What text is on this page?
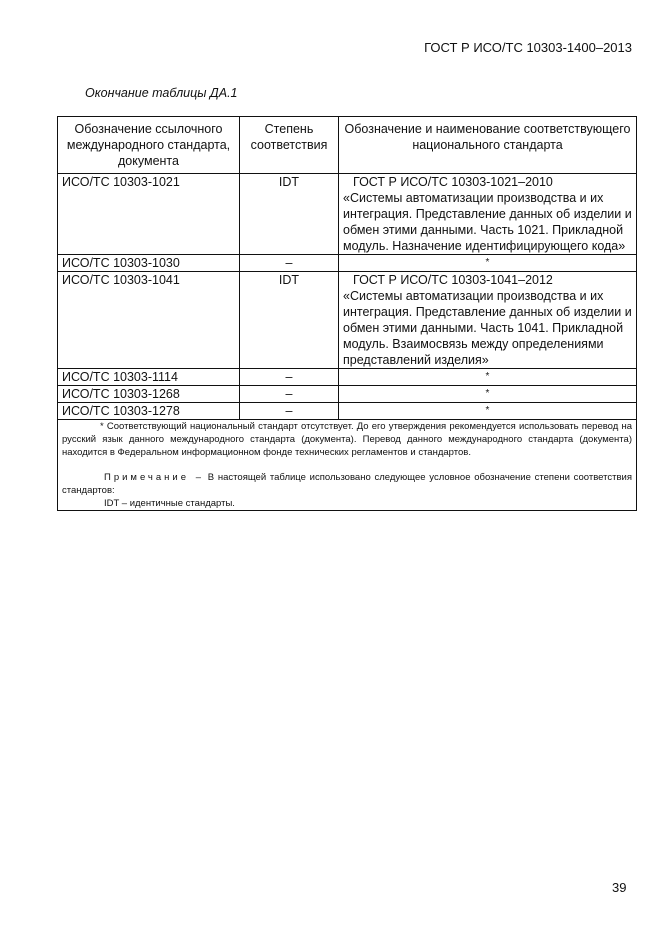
ГОСТ Р ИСО/ТС 10303-1400–2013
Окончание таблицы ДА.1
Обозначение ссылочного международного стандарта, документа	Степень соответствия	Обозначение и наименование соответствующего национального стандарта
ИСО/ТС 10303-1021	IDT	ГОСТ Р ИСО/ТС 10303-1021–2010
«Системы автоматизации производства и их интеграция. Представление данных об изделии и обмен этими данными. Часть 1021. Прикладной модуль. Назначение идентифицирующего кода»

ИСО/ТС 10303-1030	–	*
ИСО/ТС 10303-1041	IDT	ГОСТ Р ИСО/ТС 10303-1041–2012
«Системы автоматизации производства и их интеграция. Представление данных об изделии и обмен этими данными. Часть 1041. Прикладной модуль. Взаимосвязь между определениями представлений изделия»

ИСО/ТС 10303-1114	–	*
ИСО/ТС 10303-1268	–	*
ИСО/ТС 10303-1278	–	*

* Соответствующий национальный стандарт отсутствует. До его утверждения рекомендуется использовать перевод на русский язык данного международного стандарта (документа). Перевод данного международного стандарта (документа) находится в Федеральном информационном фонде технических регламентов и стандартов.

Примечание – В настоящей таблице использовано следующее условное обозначение степени соответствия стандартов:

IDT – идентичные стандарты.		

39
